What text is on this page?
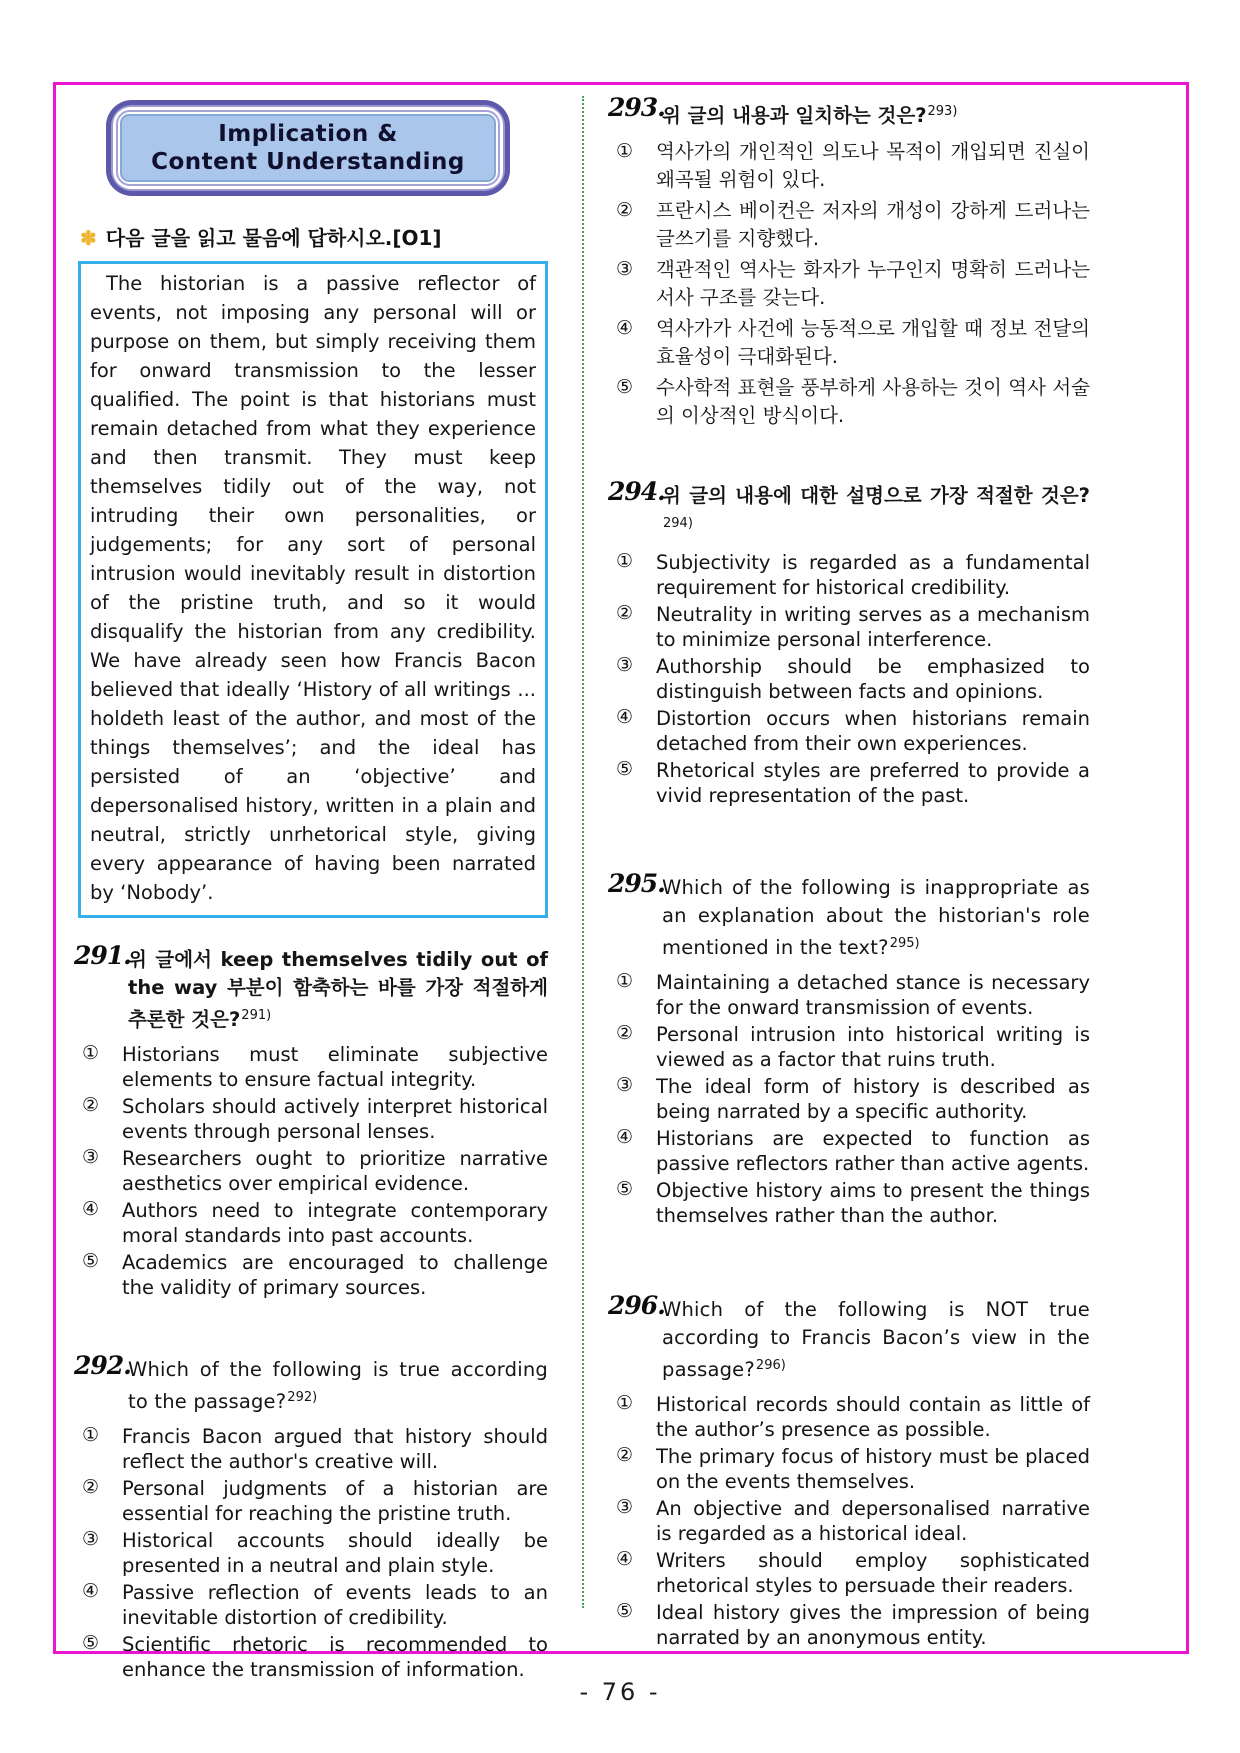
Implication &
Content Understanding
✽ 다음 글을 읽고 물음에 답하시오.[O1]
The historian is a passive reflector of events, not imposing any personal will or purpose on them, but simply receiving them for onward transmission to the lesser qualified. The point is that historians must remain detached from what they experience and then transmit. They must keep themselves tidily out of the way, not intruding their own personalities, or judgements; for any sort of personal intrusion would inevitably result in distortion of the pristine truth, and so it would disqualify the historian from any credibility. We have already seen how Francis Bacon believed that ideally ‘History of all writings ... holdeth least of the author, and most of the things themselves’; and the ideal has persisted of an ‘objective’ and depersonalised history, written in a plain and neutral, strictly unrhetorical style, giving every appearance of having been narrated by ‘Nobody’.
291.
위 글에서 keep themselves tidily out of the way 부분이 함축하는 바를 가장 적절하게 추론한 것은?$^{291)}$
① Historians must eliminate subjective elements to ensure factual integrity.
② Scholars should actively interpret historical events through personal lenses.
③ Researchers ought to prioritize narrative aesthetics over empirical evidence.
④ Authors need to integrate contemporary moral standards into past accounts.
⑤ Academics are encouraged to challenge the validity of primary sources.
292.
Which of the following is true according to the passage?$^{292)}$
① Francis Bacon argued that history should reflect the author's creative will.
② Personal judgments of a historian are essential for reaching the pristine truth.
③ Historical accounts should ideally be presented in a neutral and plain style.
④ Passive reflection of events leads to an inevitable distortion of credibility.
⑤ Scientific rhetoric is recommended to enhance the transmission of information.
293.
위 글의 내용과 일치하는 것은?$^{293)}$
① 역사가의 개인적인 의도나 목적이 개입되면 진실이 왜곡될 위험이 있다.
② 프란시스 베이컨은 저자의 개성이 강하게 드러나는 글쓰기를 지향했다.
③ 객관적인 역사는 화자가 누구인지 명확히 드러나는 서사 구조를 갖는다.
④ 역사가가 사건에 능동적으로 개입할 때 정보 전달의 효율성이 극대화된다.
⑤ 수사학적 표현을 풍부하게 사용하는 것이 역사 서술의 이상적인 방식이다.
294.
위 글의 내용에 대한 설명으로 가장 적절한 것은?$^{294)}$
① Subjectivity is regarded as a fundamental requirement for historical credibility.
② Neutrality in writing serves as a mechanism to minimize personal interference.
③ Authorship should be emphasized to distinguish between facts and opinions.
④ Distortion occurs when historians remain detached from their own experiences.
⑤ Rhetorical styles are preferred to provide a vivid representation of the past.
295.
Which of the following is inappropriate as an explanation about the historian's role mentioned in the text?$^{295)}$
① Maintaining a detached stance is necessary for the onward transmission of events.
② Personal intrusion into historical writing is viewed as a factor that ruins truth.
③ The ideal form of history is described as being narrated by a specific authority.
④ Historians are expected to function as passive reflectors rather than active agents.
⑤ Objective history aims to present the things themselves rather than the author.
296.
Which of the following is NOT true according to Francis Bacon’s view in the passage?$^{296)}$
① Historical records should contain as little of the author’s presence as possible.
② The primary focus of history must be placed on the events themselves.
③ An objective and depersonalised narrative is regarded as a historical ideal.
④ Writers should employ sophisticated rhetorical styles to persuade their readers.
⑤ Ideal history gives the impression of being narrated by an anonymous entity.
- 76 -
